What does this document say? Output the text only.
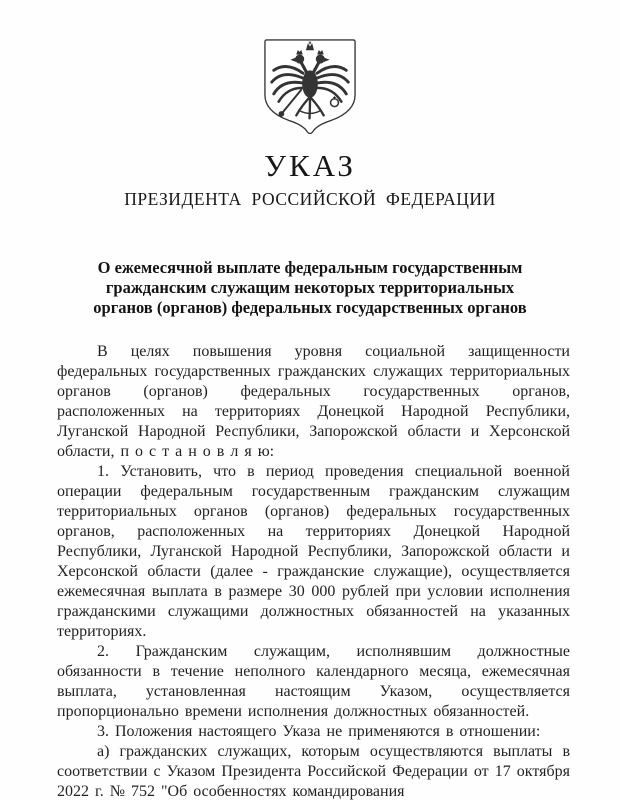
УКАЗ
ПРЕЗИДЕНТА РОССИЙСКОЙ ФЕДЕРАЦИИ

О ежемесячной выплате федеральным государственным гражданским служащим некоторых территориальных органов (органов) федеральных государственных органов

В целях повышения уровня социальной защищенности федеральных государственных гражданских служащих территориальных органов (органов) федеральных государственных органов, расположенных на территориях Донецкой Народной Республики, Луганской Народной Республики, Запорожской области и Херсонской области, п о с т а н о в л я ю:

1. Установить, что в период проведения специальной военной операции федеральным государственным гражданским служащим территориальных органов (органов) федеральных государственных органов, расположенных на территориях Донецкой Народной Республики, Луганской Народной Республики, Запорожской области и Херсонской области (далее - гражданские служащие), осуществляется ежемесячная выплата в размере 30 000 рублей при условии исполнения гражданскими служащими должностных обязанностей на указанных территориях.

2. Гражданским служащим, исполнявшим должностные обязанности в течение неполного календарного месяца, ежемесячная выплата, установленная настоящим Указом, осуществляется пропорционально времени исполнения должностных обязанностей.

3. Положения настоящего Указа не применяются в отношении:

а) гражданских служащих, которым осуществляются выплаты в соответствии с Указом Президента Российской Федерации от 17 октября 2022 г. № 752 "Об особенностях командирования
